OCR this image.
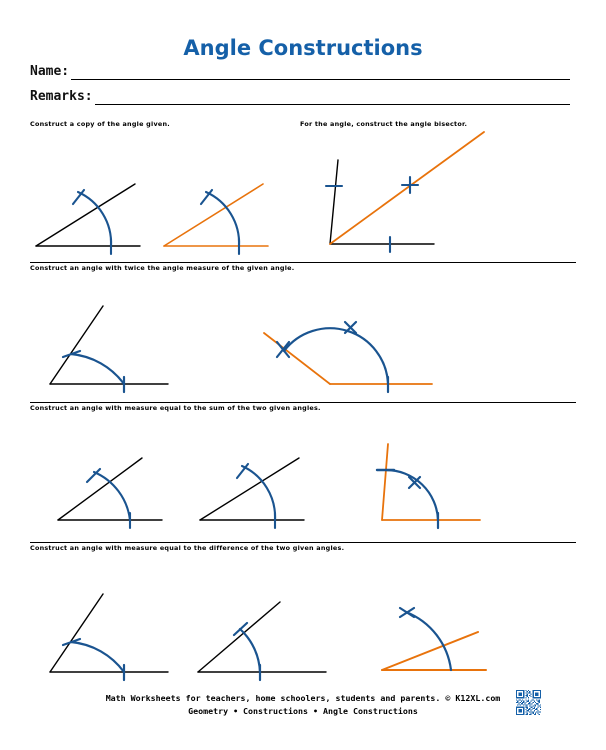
Angle Constructions
Name:
Remarks:
Construct a copy of the angle given.	For the angle, construct the angle bisector.
Construct an angle with twice the angle measure of the given angle.
Construct an angle with measure equal to the sum of the two given angles.
Construct an angle with measure equal to the difference of the two given angles.
Math Worksheets for teachers, home schoolers, students and parents. © K12XL.com
Geometry • Constructions • Angle Constructions
